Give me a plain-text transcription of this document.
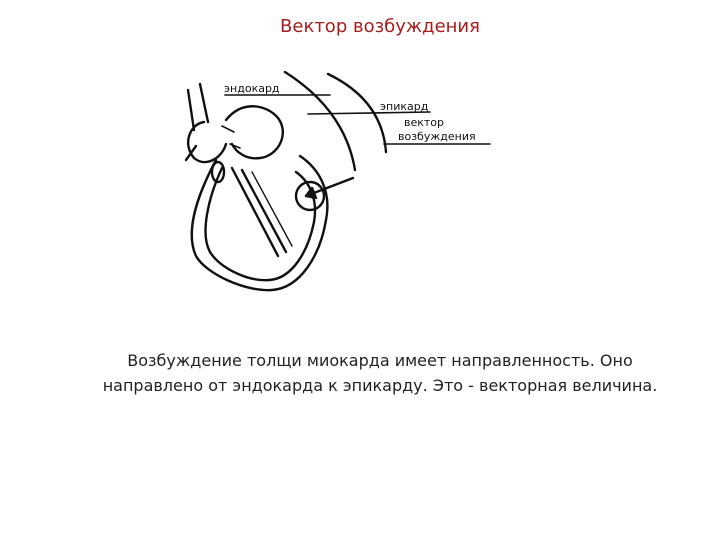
Вектор возбуждения
эндокард
эпикард
вектор
возбуждения
Возбуждение толщи миокарда имеет направленность. Оно
направлено от эндокарда к эпикарду. Это - векторная величина.
